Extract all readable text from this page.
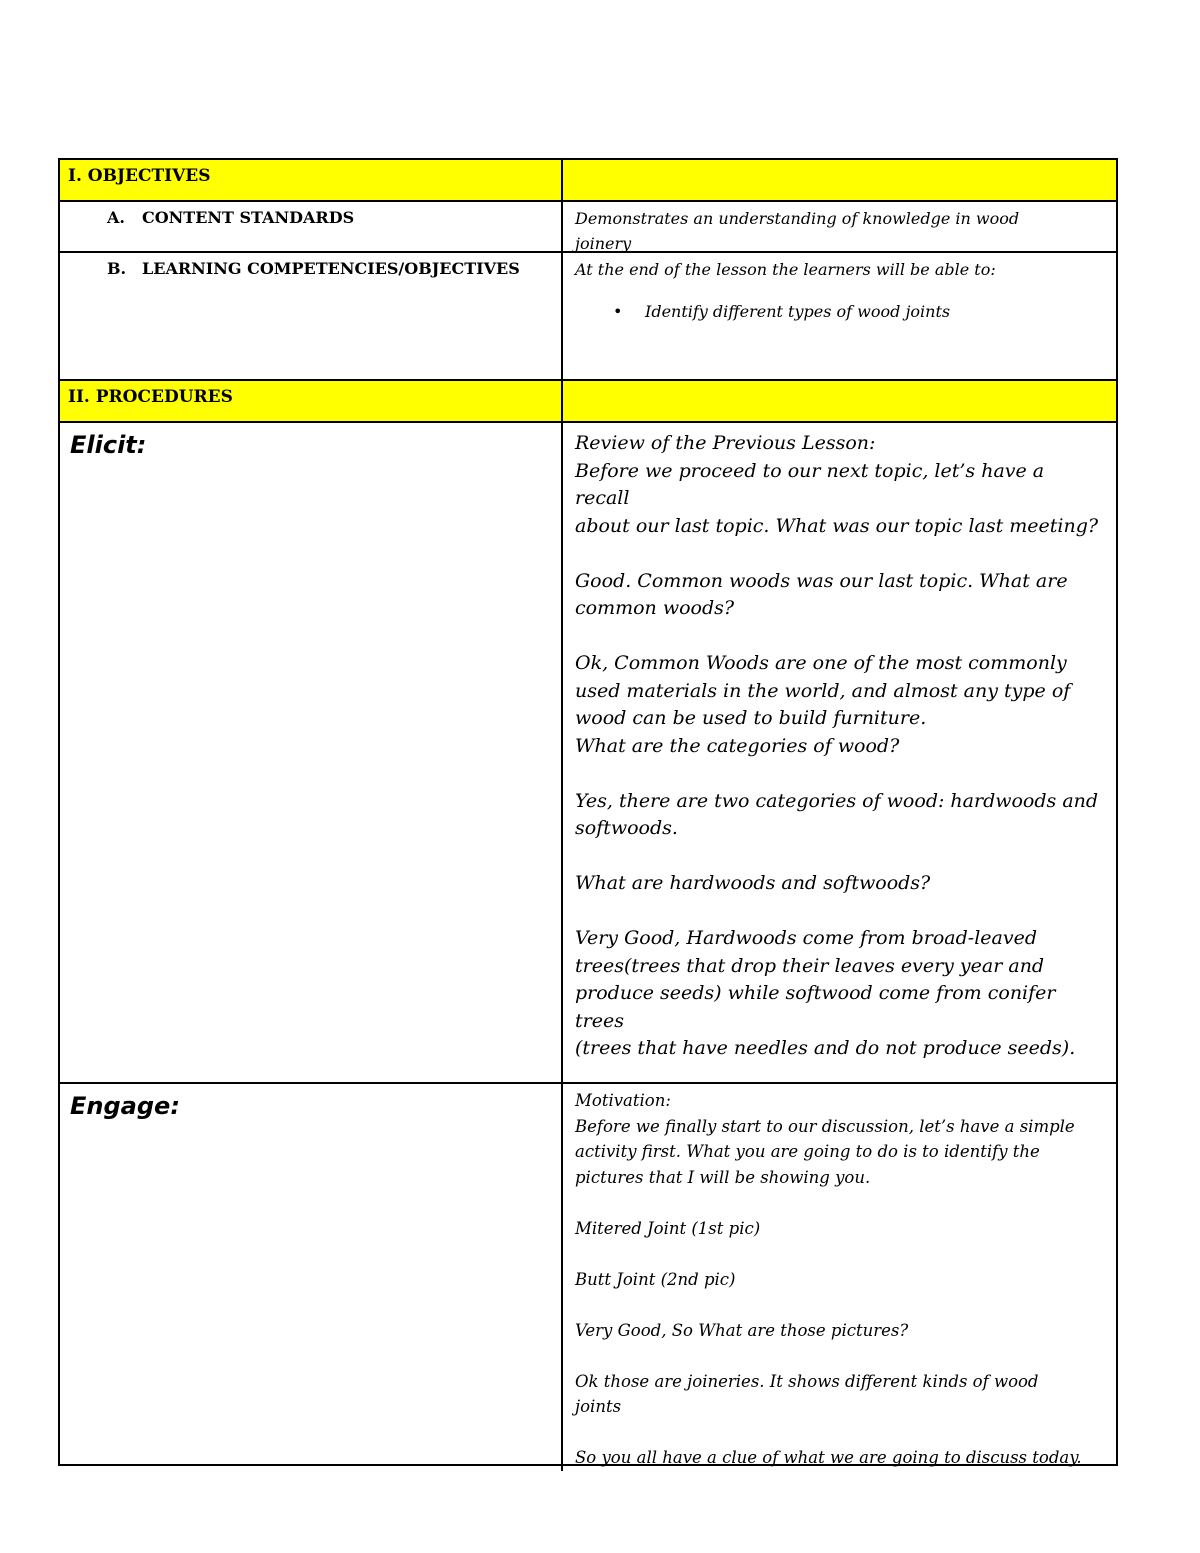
I. OBJECTIVES
A.	CONTENT STANDARDS	Demonstrates an understanding of knowledge in wood

joinery

B. LEARNING COMPETENCIES/OBJECTIVES	At the end of the lesson the learners will be able to:

• Identify different types of wood joints
II. PROCEDURES
Elicit:	Review of the Previous Lesson:

Before we proceed to our next topic, let’s have a recall

about our last topic. What was our topic last meeting?

Good. Common woods was our last topic. What are

common woods?

Ok, Common Woods are one of the most commonly

used materials in the world, and almost any type of

wood can be used to build furniture.

What are the categories of wood?

Yes, there are two categories of wood: hardwoods and

softwoods.

What are hardwoods and softwoods?

Very Good, Hardwoods come from broad-leaved

trees(trees that drop their leaves every year and

produce seeds) while softwood come from conifer trees

(trees that have needles and do not produce seeds).

Engage:	Motivation:

Before we finally start to our discussion, let’s have a simple

activity first. What you are going to do is to identify the

pictures that I will be showing you.

Mitered Joint (1st pic)

Butt Joint (2nd pic)

Very Good, So What are those pictures?

Ok those are joineries. It shows different kinds of wood

joints

So you all have a clue of what we are going to discuss today.
